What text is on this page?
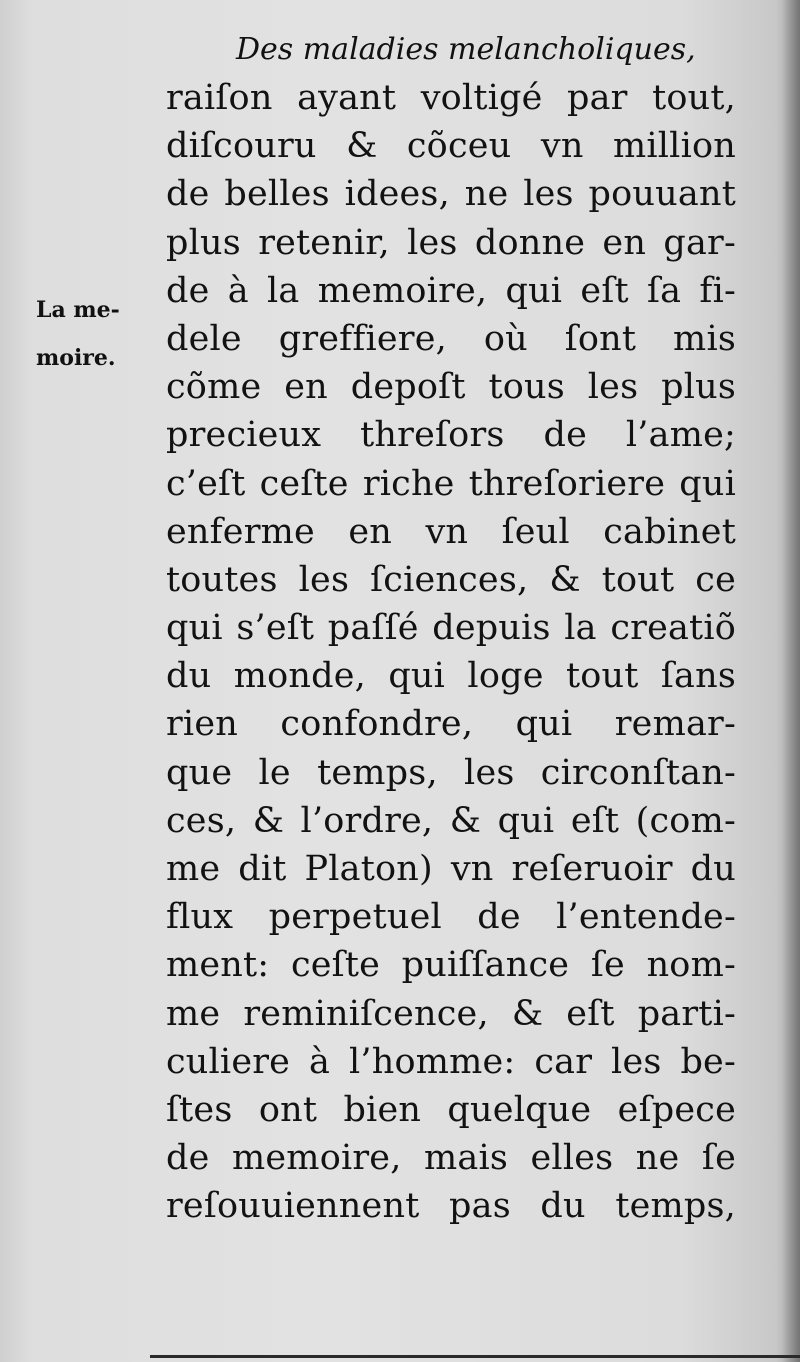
Des maladies melancholiques,
La me-
moire.
raiſon ayant voltigé par tout,
diſcouru & cõceu vn million
de belles idees, ne les pouuant
plus retenir, les donne en gar-
de à la memoire, qui eſt ſa fi-
dele greffiere, où ſont mis
cõme en depoſt tous les plus
precieux threſors de l’ame;
c’eſt ceſte riche threſoriere qui
enferme en vn ſeul cabinet
toutes les ſciences, & tout ce
qui s’eſt paſſé depuis la creatiõ
du monde, qui loge tout ſans
rien confondre, qui remar-
que le temps, les circonſtan-
ces, & l’ordre, & qui eſt (com-
me dit Platon) vn reſeruoir du
flux perpetuel de l’entende-
ment: ceſte puiſſance ſe nom-
me reminiſcence, & eſt parti-
culiere à l’homme: car les be-
ſtes ont bien quelque eſpece
de memoire, mais elles ne ſe
reſouuiennent pas du temps,
